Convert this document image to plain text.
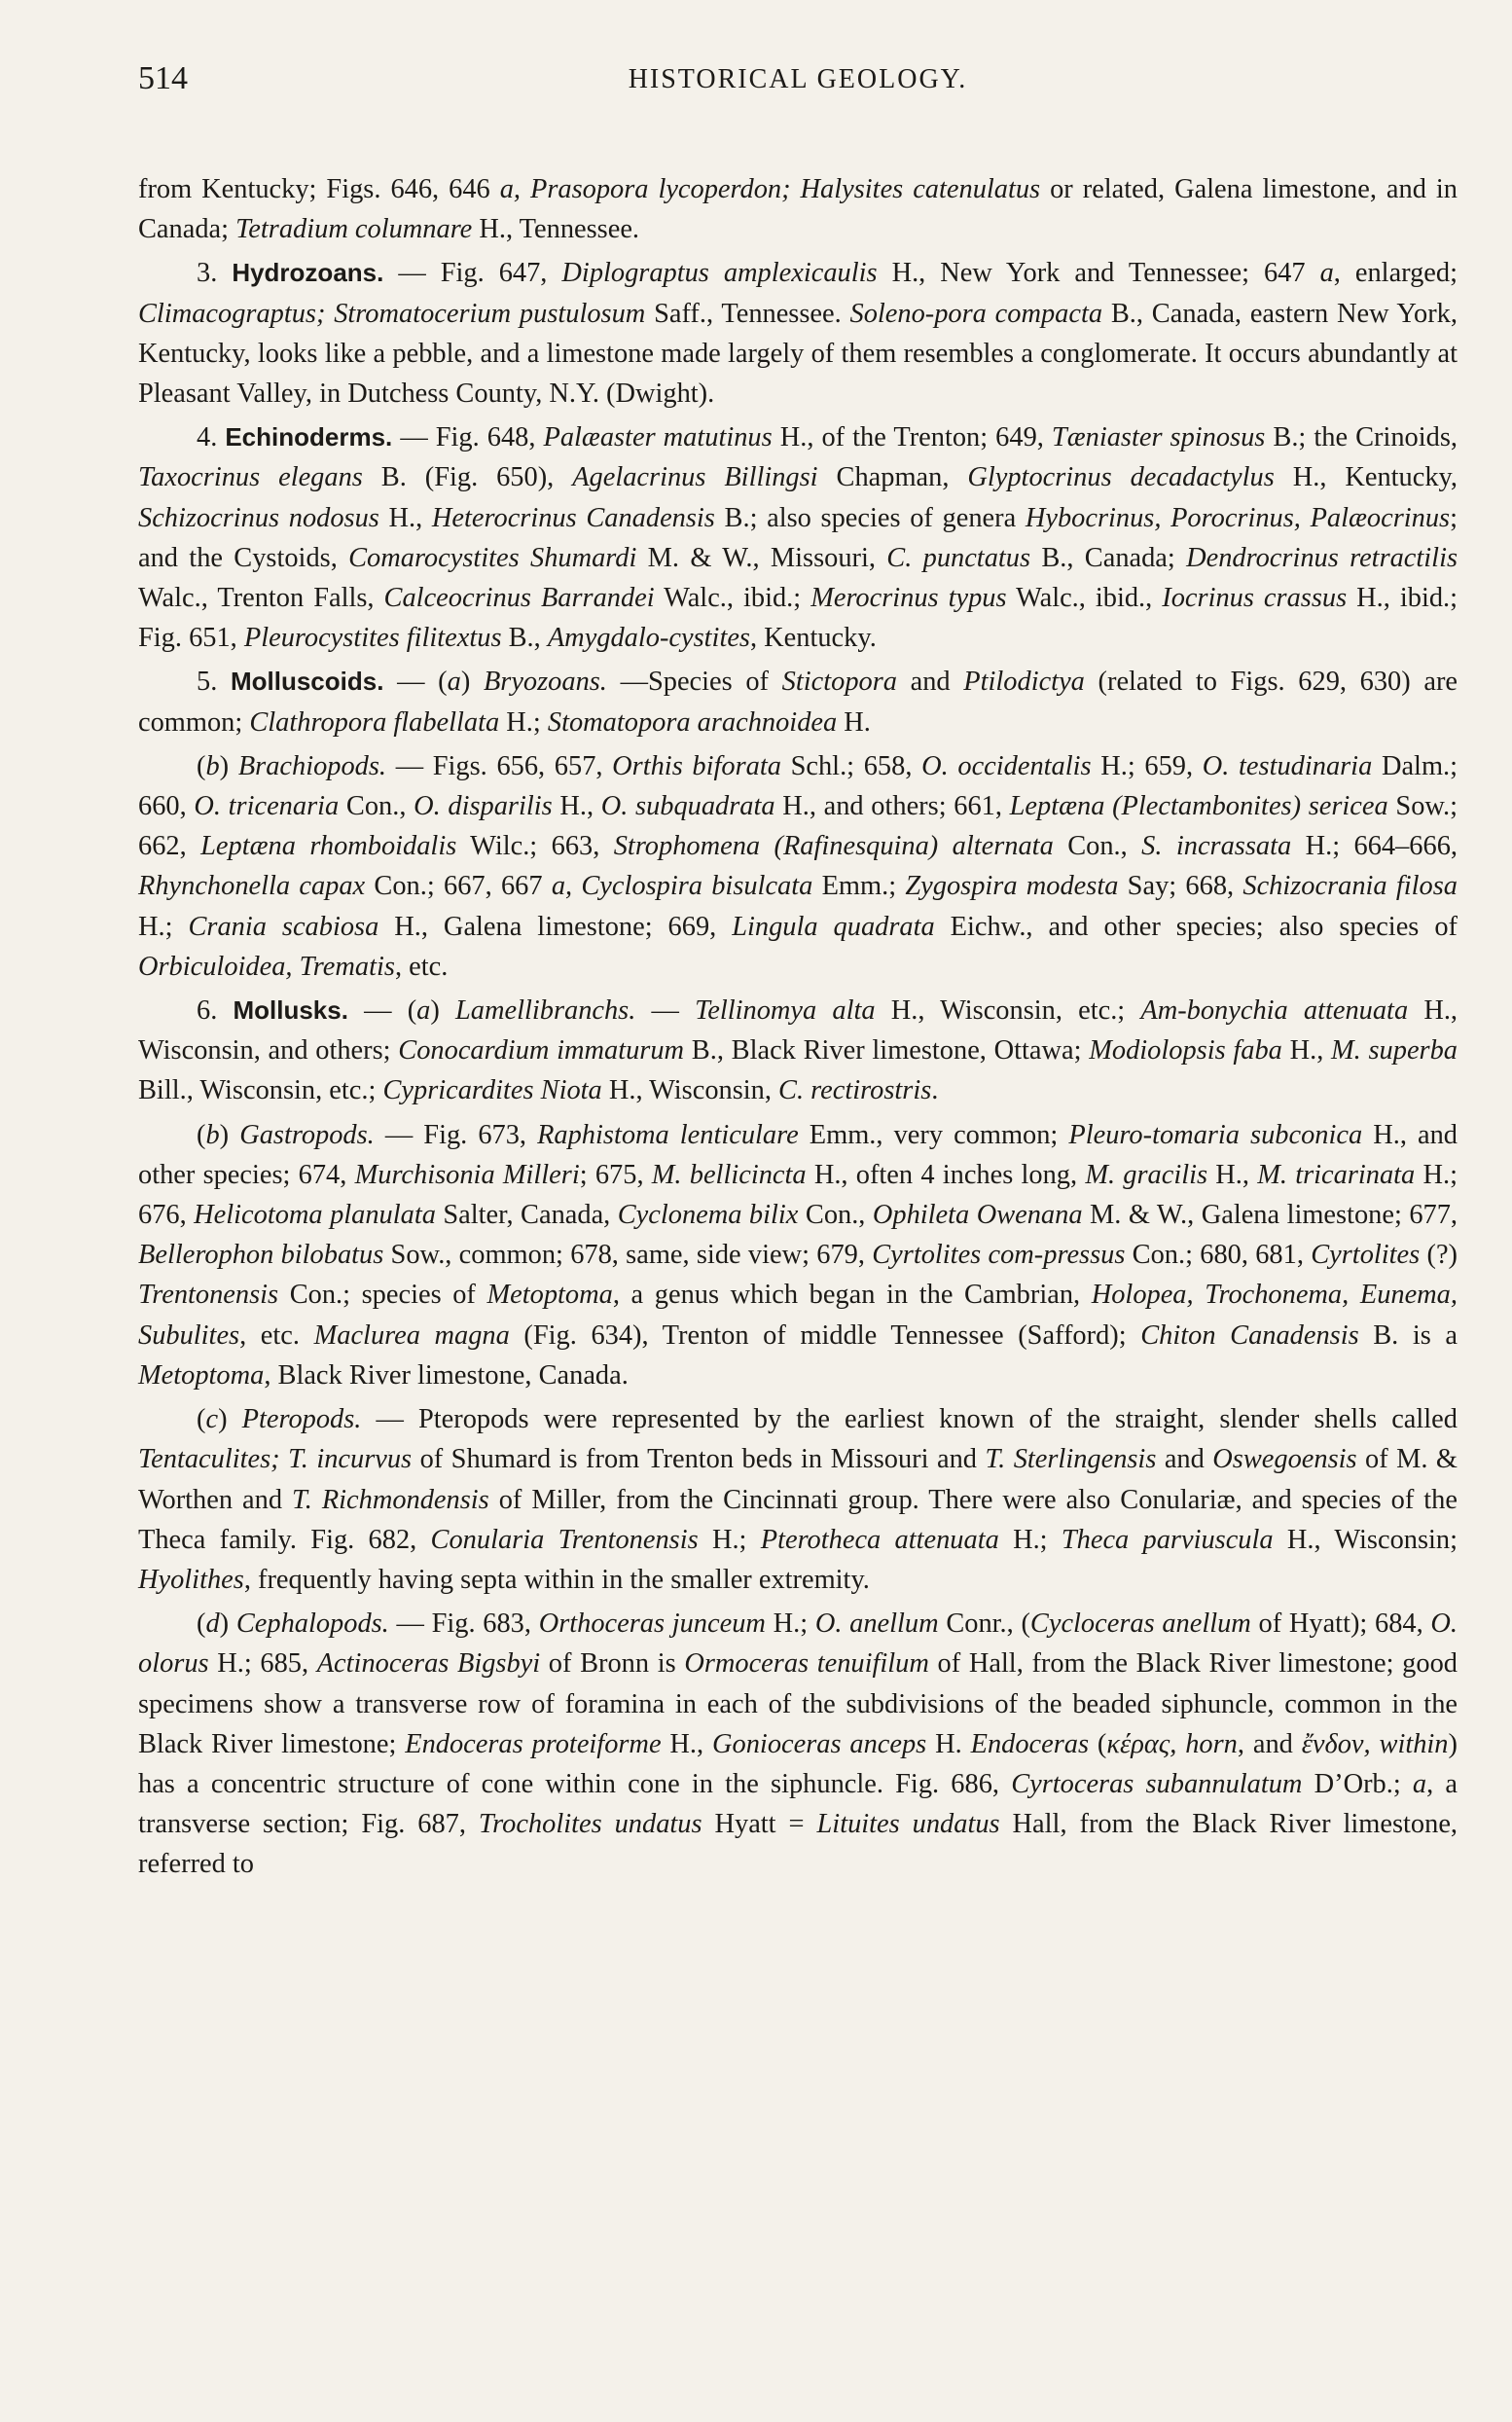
514	HISTORICAL GEOLOGY.

from Kentucky; Figs. 646, 646 a, Prasopora lycoperdon; Halysites catenulatus or related, Galena limestone, and in Canada; Tetradium columnare H., Tennessee.

3. Hydrozoans. — Fig. 647, Diplograptus amplexicaulis H., New York and Tennessee; 647 a, enlarged; Climacograptus; Stromatocerium pustulosum Saff., Tennessee. Soleno-pora compacta B., Canada, eastern New York, Kentucky, looks like a pebble, and a limestone made largely of them resembles a conglomerate. It occurs abundantly at Pleasant Valley, in Dutchess County, N.Y. (Dwight).

4. Echinoderms. — Fig. 648, Palæaster matutinus H., of the Trenton; 649, Tæniaster spinosus B.; the Crinoids, Taxocrinus elegans B. (Fig. 650), Agelacrinus Billingsi Chapman, Glyptocrinus decadactylus H., Kentucky, Schizocrinus nodosus H., Heterocrinus Canadensis B.; also species of genera Hybocrinus, Porocrinus, Palæocrinus; and the Cystoids, Comarocystites Shumardi M. & W., Missouri, C. punctatus B., Canada; Dendrocrinus retractilis Walc., Trenton Falls, Calceocrinus Barrandei Walc., ibid.; Merocrinus typus Walc., ibid., Iocrinus crassus H., ibid.; Fig. 651, Pleurocystites filitextus B., Amygdalo-cystites, Kentucky.

5. Molluscoids. — (a) Bryozoans. —Species of Stictopora and Ptilodictya (related to Figs. 629, 630) are common; Clathropora flabellata H.; Stomatopora arachnoidea H.

(b) Brachiopods. — Figs. 656, 657, Orthis biforata Schl.; 658, O. occidentalis H.; 659, O. testudinaria Dalm.; 660, O. tricenaria Con., O. disparilis H., O. subquadrata H., and others; 661, Leptæna (Plectambonites) sericea Sow.; 662, Leptæna rhomboidalis Wilc.; 663, Strophomena (Rafinesquina) alternata Con., S. incrassata H.; 664–666, Rhynchonella capax Con.; 667, 667 a, Cyclospira bisulcata Emm.; Zygospira modesta Say; 668, Schizocrania filosa H.; Crania scabiosa H., Galena limestone; 669, Lingula quadrata Eichw., and other species; also species of Orbiculoidea, Trematis, etc.

6. Mollusks. — (a) Lamellibranchs. — Tellinomya alta H., Wisconsin, etc.; Am-bonychia attenuata H., Wisconsin, and others; Conocardium immaturum B., Black River limestone, Ottawa; Modiolopsis faba H., M. superba Bill., Wisconsin, etc.; Cypricardites Niota H., Wisconsin, C. rectirostris.

(b) Gastropods. — Fig. 673, Raphistoma lenticulare Emm., very common; Pleuro-tomaria subconica H., and other species; 674, Murchisonia Milleri; 675, M. bellicincta H., often 4 inches long, M. gracilis H., M. tricarinata H.; 676, Helicotoma planulata Salter, Canada, Cyclonema bilix Con., Ophileta Owenana M. & W., Galena limestone; 677, Bellerophon bilobatus Sow., common; 678, same, side view; 679, Cyrtolites com-pressus Con.; 680, 681, Cyrtolites (?) Trentonensis Con.; species of Metoptoma, a genus which began in the Cambrian, Holopea, Trochonema, Eunema, Subulites, etc. Maclurea magna (Fig. 634), Trenton of middle Tennessee (Safford); Chiton Canadensis B. is a Metoptoma, Black River limestone, Canada.

(c) Pteropods. — Pteropods were represented by the earliest known of the straight, slender shells called Tentaculites; T. incurvus of Shumard is from Trenton beds in Missouri and T. Sterlingensis and Oswegoensis of M. & Worthen and T. Richmondensis of Miller, from the Cincinnati group. There were also Conulariæ, and species of the Theca family. Fig. 682, Conularia Trentonensis H.; Pterotheca attenuata H.; Theca parviuscula H., Wisconsin; Hyolithes, frequently having septa within in the smaller extremity.

(d) Cephalopods. — Fig. 683, Orthoceras junceum H.; O. anellum Conr., (Cycloceras anellum of Hyatt); 684, O. olorus H.; 685, Actinoceras Bigsbyi of Bronn is Ormoceras tenuifilum of Hall, from the Black River limestone; good specimens show a transverse row of foramina in each of the subdivisions of the beaded siphuncle, common in the Black River limestone; Endoceras proteiforme H., Gonioceras anceps H. Endoceras (κέρας, horn, and ἔνδον, within) has a concentric structure of cone within cone in the siphuncle. Fig. 686, Cyrtoceras subannulatum D’Orb.; a, a transverse section; Fig. 687, Trocholites undatus Hyatt = Lituites undatus Hall, from the Black River limestone, referred to
